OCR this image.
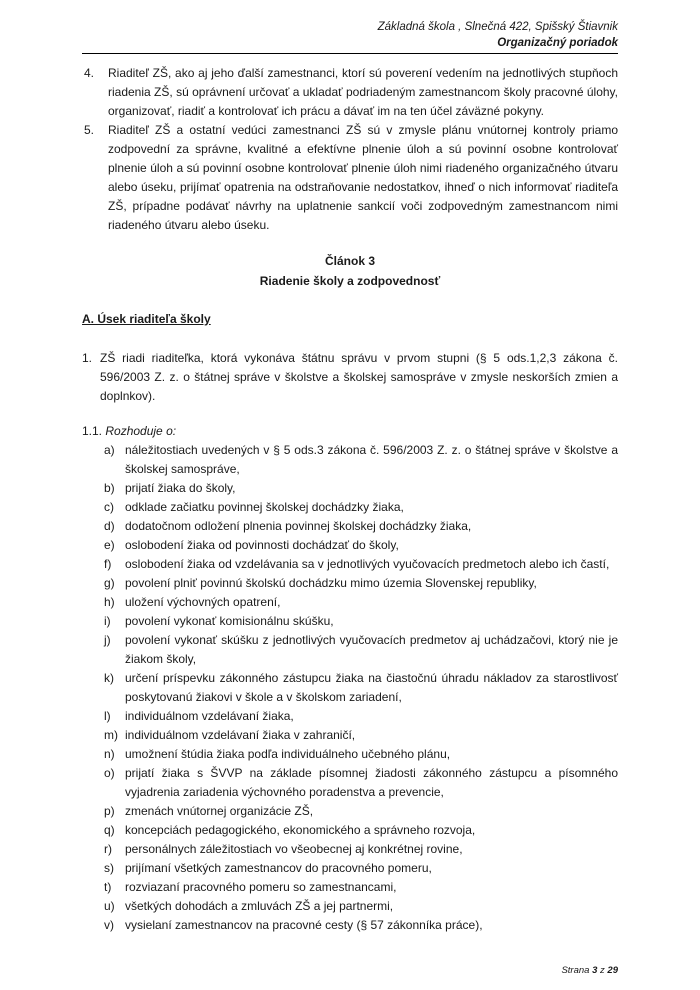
Základná škola , Slnečná 422, Spišský Štiavnik
Organizačný poriadok
4.	Riaditeľ ZŠ, ako aj jeho ďalší zamestnanci, ktorí sú poverení vedením na jednotlivých stupňoch riadenia ZŠ, sú oprávnení určovať a ukladať podriadeným zamestnancom školy pracovné úlohy, organizovať, riadiť a kontrolovať ich prácu a dávať im na ten účel záväzné pokyny.
5.	Riaditeľ ZŠ a ostatní vedúci zamestnanci ZŠ sú v zmysle plánu vnútornej kontroly priamo zodpovední za správne, kvalitné a efektívne plnenie úloh a sú povinní osobne kontrolovať plnenie úloh a sú povinní osobne kontrolovať plnenie úloh nimi riadeného organizačného útvaru alebo úseku, prijímať opatrenia na odstraňovanie nedostatkov, ihneď o nich informovať riaditeľa ZŠ, prípadne podávať návrhy na uplatnenie sankcií voči zodpovedným zamestnancom nimi riadeného útvaru alebo úseku.
Článok 3
Riadenie školy a zodpovednosť
A. Úsek riaditeľa školy
1. ZŠ riadi riaditeľka, ktorá vykonáva štátnu správu v prvom stupni (§ 5 ods.1,2,3 zákona č. 596/2003 Z. z. o štátnej správe v školstve a školskej samospráve v zmysle neskorších zmien a doplnkov).
1.1. Rozhoduje o:
a) náležitostiach uvedených v § 5 ods.3 zákona č. 596/2003 Z. z. o štátnej správe v školstve a školskej samospráve,
b) prijatí žiaka do školy,
c) odklade začiatku povinnej školskej dochádzky žiaka,
d) dodatočnom odložení plnenia povinnej školskej dochádzky žiaka,
e) oslobodení žiaka od povinnosti dochádzať do školy,
f)	oslobodení žiaka od vzdelávania sa v jednotlivých vyučovacích predmetoch alebo ich častí,
g) povolení plniť povinnú školskú dochádzku mimo územia Slovenskej republiky,
h) uložení výchovných opatrení,
i)	povolení vykonať komisionálnu skúšku,
j)	povolení vykonať skúšku z jednotlivých vyučovacích predmetov aj uchádzačovi, ktorý nie je žiakom školy,
k) určení príspevku zákonného zástupcu žiaka na čiastočnú úhradu nákladov za starostlivosť poskytovanú žiakovi v škole a v školskom zariadení,
l)	individuálnom vzdelávaní žiaka,
m) individuálnom vzdelávaní žiaka v zahraničí,
n) umožnení štúdia žiaka podľa individuálneho učebného plánu,
o) prijatí žiaka s ŠVVP na základe písomnej žiadosti zákonného zástupcu a písomného vyjadrenia zariadenia výchovného poradenstva a prevencie,
p) zmenách vnútornej organizácie ZŠ,
q) koncepciách pedagogického, ekonomického a správneho rozvoja,
r)	personálnych záležitostiach vo všeobecnej aj konkrétnej rovine,
s) prijímaní všetkých zamestnancov do pracovného pomeru,
t)	rozviazaní pracovného pomeru so zamestnancami,
u) všetkých dohodách a zmluvách ZŠ a jej partnermi,
v) vysielaní zamestnancov na pracovné cesty (§ 57 zákonníka práce),
Strana 3 z 29
